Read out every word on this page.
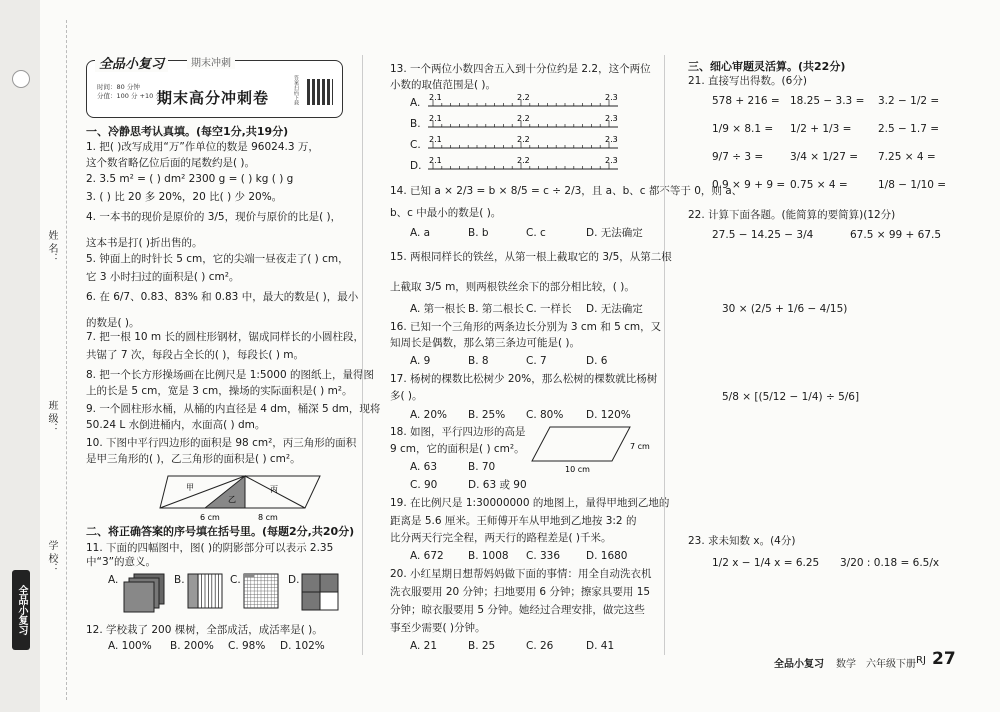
全品小复习
姓 名：
班 级：
学 校：
全品小复习	期末冲刺
时间：80 分钟
分值：100 分 +10 分
期末高分冲刺卷	答案扫码下载
一、冷静思考认真填。(每空1分,共19分)
1. 把( )改写成用“万”作单位的数是 96024.3 万，
这个数省略亿位后面的尾数约是( )。
2. 3.5 m² = ( ) dm² 2300 g = ( ) kg ( ) g
3. ( ) 比 20 多 20%，20 比( ) 少 20%。
4. 一本书的现价是原价的 3/5，现价与原价的比是( )，
这本书是打( )折出售的。
5. 钟面上的时针长 5 cm，它的尖端一昼夜走了( ) cm，
它 3 小时扫过的面积是( ) cm²。
6. 在 6/7、0.83̇、83% 和 0.83̇ 中，最大的数是( )，最小
的数是( )。
7. 把一根 10 m 长的圆柱形钢材，锯成同样长的小圆柱段，
共锯了 7 次，每段占全长的( )，每段长( ) m。
8. 把一个长方形操场画在比例尺是 1:5000 的图纸上，量得图
上的长是 5 cm，宽是 3 cm，操场的实际面积是( ) m²。
9. 一个圆柱形水桶，从桶的内直径是 4 dm，桶深 5 dm，现将
50.24 L 水倒进桶内，水面高( ) dm。
10. 下图中平行四边形的面积是 98 cm²，丙三角形的面积
是甲三角形的( )，乙三角形的面积是( ) cm²。
甲
乙
丙
6 cm	8 cm
二、将正确答案的序号填在括号里。(每题2分,共20分)
11. 下面的四幅图中，图( )的阴影部分可以表示 2.35
中“3”的意义。
A.	B.	C.	D.
12. 学校栽了 200 棵树，全部成活，成活率是( )。
A. 100% B. 200% C. 98% D. 102%
13. 一个两位小数四舍五入到十分位约是 2.2，这个两位
小数的取值范围是( )。
A. 2.1	2.2	2.3
B. 2.1	2.2	2.3
C. 2.1	2.2	2.3
D. 2.1	2.2	2.3
14. 已知 a × 2/3 = b × 8/5 = c ÷ 2/3，且 a、b、c 都不等于 0，则 a、
b、c 中最小的数是( )。
A. a	B. b	C. c	D. 无法确定
15. 两根同样长的铁丝，从第一根上截取它的 3/5，从第二根
上截取 3/5 m，则两根铁丝余下的部分相比较，( )。
A. 第一根长 B. 第二根长 C. 一样长 D. 无法确定
16. 已知一个三角形的两条边长分别为 3 cm 和 5 cm，又
知周长是偶数，那么第三条边可能是( )。
A. 9	B. 8	C. 7	D. 6
17. 杨树的棵数比松树少 20%，那么松树的棵数就比杨树
多( )。
A. 20% B. 25% C. 80% D. 120%
18. 如图，平行四边形的高是
9 cm，它的面积是( ) cm²。	7 cm
10 cm
A. 63	B. 70
C. 90	D. 63 或 90
19. 在比例尺是 1:30000000 的地图上，量得甲地到乙地的
距离是 5.6 厘米。王师傅开车从甲地到乙地按 3:2 的
比分两天行完全程，两天行的路程差是( )千米。
A. 672 B. 1008 C. 336 D. 1680
20. 小红星期日想帮妈妈做下面的事情：用全自动洗衣机
洗衣服要用 20 分钟；扫地要用 6 分钟；擦家具要用 15
分钟；晾衣服要用 5 分钟。她经过合理安排，做完这些
事至少需要( )分钟。
A. 21	B. 25	C. 26	D. 41
三、细心审题灵活算。(共22分)
21. 直接写出得数。(6分)
578 + 216 = 18.25 − 3.3 = 3.2 − 1/2 =
1/9 × 8.1 = 1/2 + 1/3 =	2.5 − 1.7 =
9/7 ÷ 3 =	3/4 × 1/27 = 7.25 × 4 =
0.9 × 9 + 9 = 0.75 × 4 =	1/8 − 1/10 =
22. 计算下面各题。(能简算的要简算)(12分)
27.5 − 14.25 − 3/4	67.5 × 99 + 67.5
30 × (2/5 + 1/6 − 4/15)
5/8 × [(5/12 − 1/4) ÷ 5/6]
23. 求未知数 x。(4分)
1/2 x − 1/4 x = 6.25 3/20 : 0.18 = 6.5/x
全品小复习 数学 六年级下册 RJ 27
